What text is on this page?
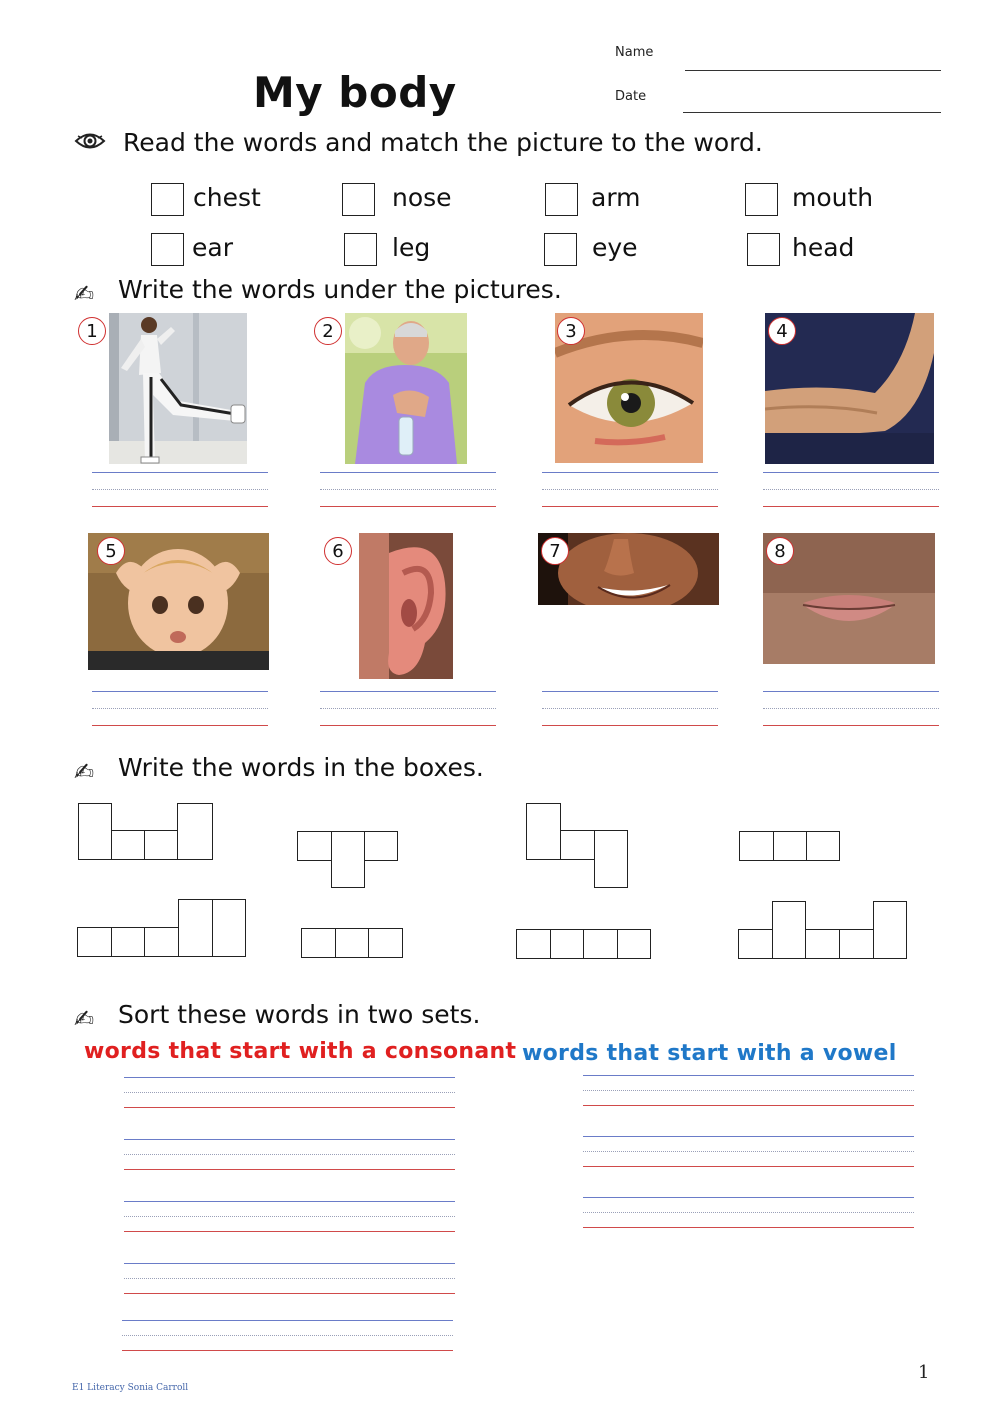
My body
Name
Date
Read the words and match the picture to the word.
chest	nose	arm	mouth
ear	leg	eye	head
✍ Write the words under the pictures.
1	2	3	4
5	6	7	8
✍ Write the words in the boxes.
✍ Sort these words in two sets.
words that start with a consonant words that start with a vowel
E1 Literacy Sonia Carroll
1
